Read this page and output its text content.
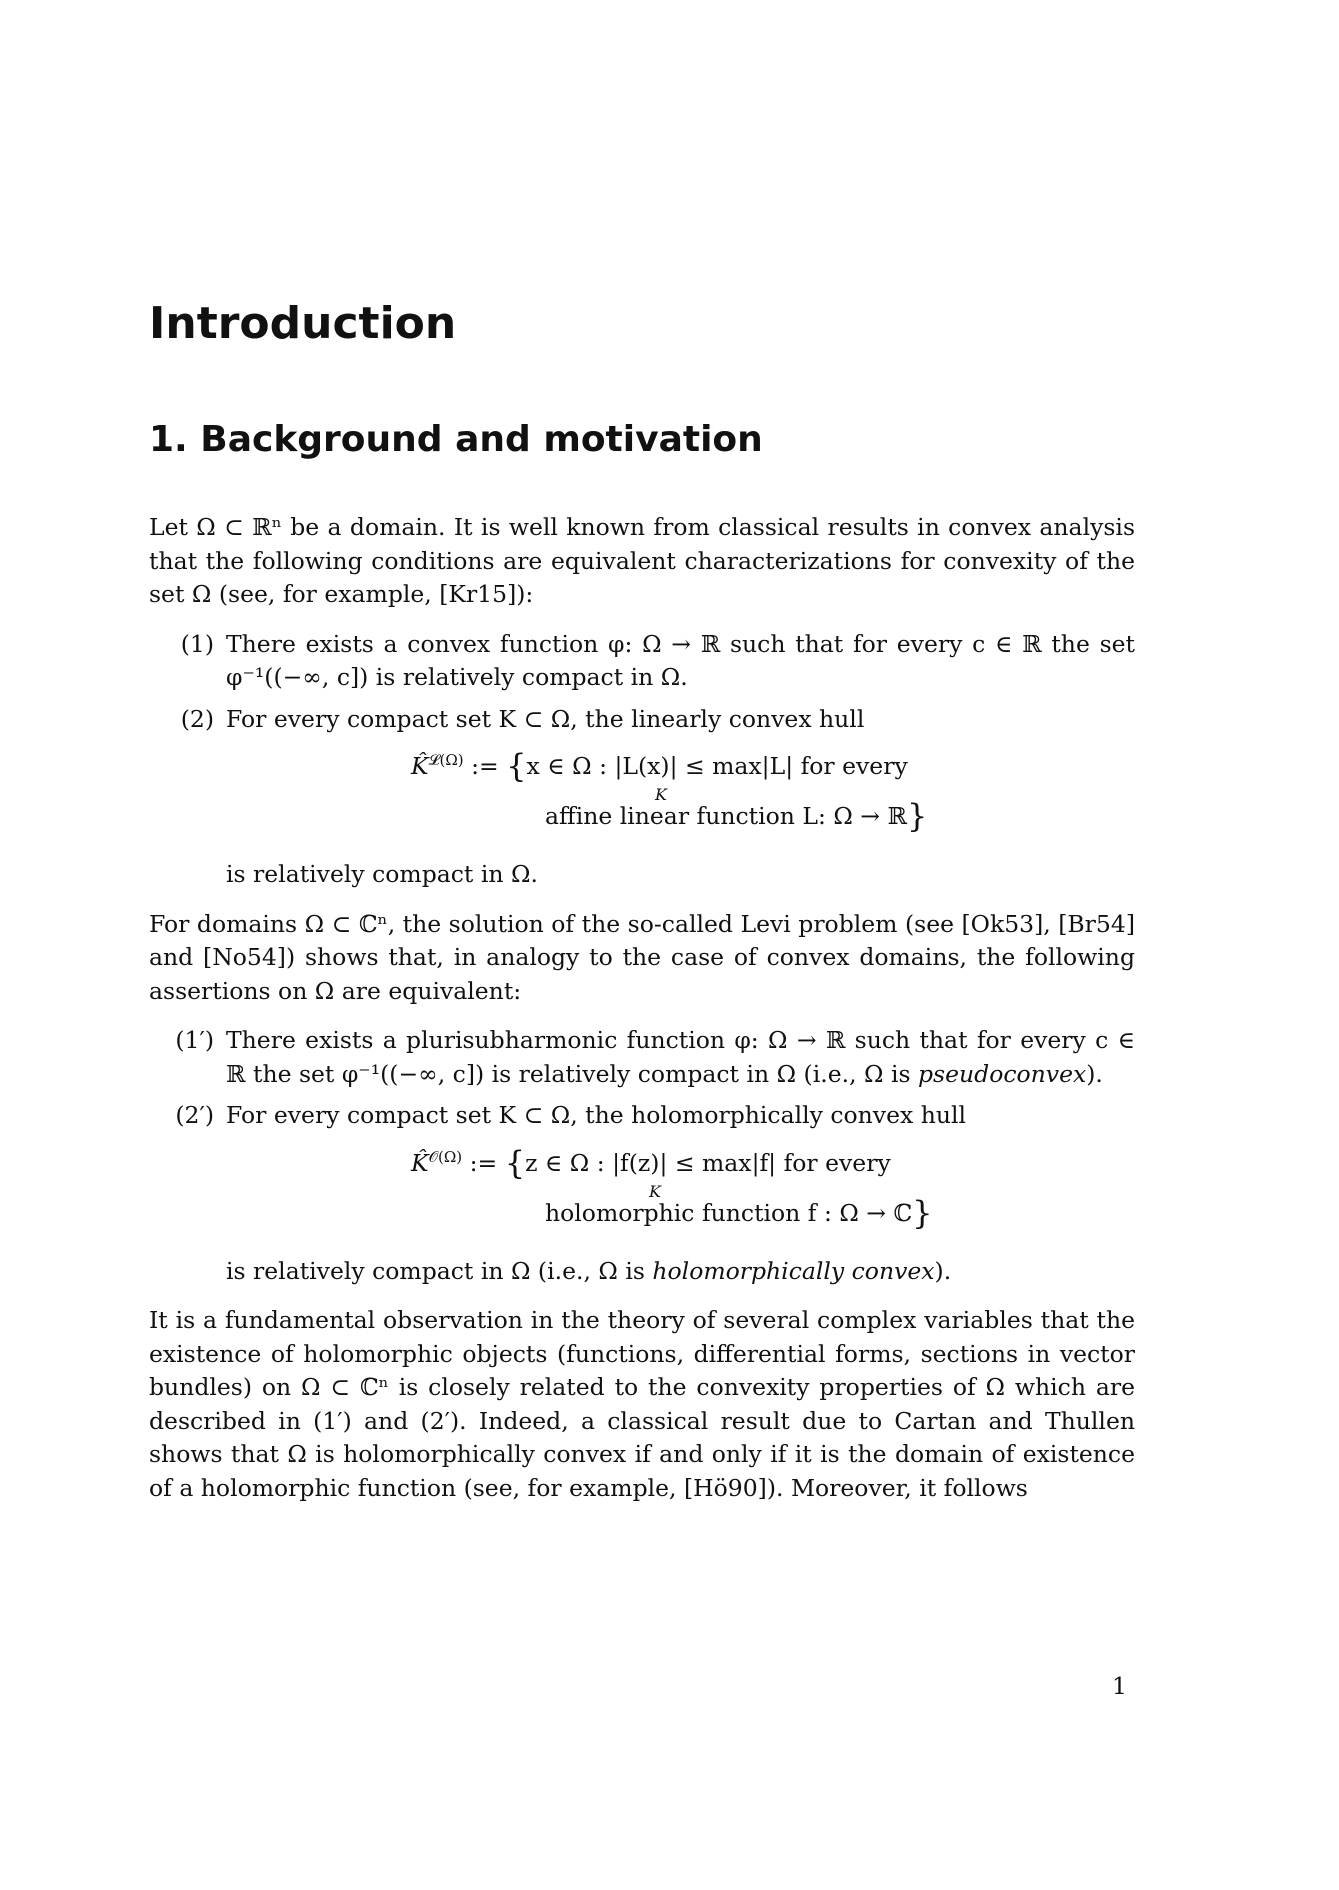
Introduction
1. Background and motivation

Let Ω ⊂ ℝⁿ be a domain. It is well known from classical results in convex analysis that the following conditions are equivalent characterizations for convexity of the set Ω (see, for example, [Kr15]):

(1) There exists a convex function φ: Ω → ℝ such that for every c ∈ ℝ the set φ⁻¹((−∞, c]) is relatively compact in Ω.
(2) For every compact set K ⊂ Ω, the linearly convex hull
K̂$^{𝓛(\Omega)}$ := {x ∈ Ω : |L(x)| ≤ max|L| for every
K
affine linear function L: Ω → ℝ}
is relatively compact in Ω.

For domains Ω ⊂ ℂⁿ, the solution of the so-called Levi problem (see [Ok53], [Br54] and [No54]) shows that, in analogy to the case of convex domains, the following assertions on Ω are equivalent:

(1′) There exists a plurisubharmonic function φ: Ω → ℝ such that for every c ∈ ℝ the set φ⁻¹((−∞, c]) is relatively compact in Ω (i.e., Ω is pseudoconvex).
(2′) For every compact set K ⊂ Ω, the holomorphically convex hull
K̂$^{𝒪(\Omega)}$ := {z ∈ Ω : |f(z)| ≤ max|f| for every
K
holomorphic function f : Ω → ℂ}
is relatively compact in Ω (i.e., Ω is holomorphically convex).

It is a fundamental observation in the theory of several complex variables that the existence of holomorphic objects (functions, differential forms, sections in vector bundles) on Ω ⊂ ℂⁿ is closely related to the convexity properties of Ω which are described in (1′) and (2′). Indeed, a classical result due to Cartan and Thullen shows that Ω is holomorphically convex if and only if it is the domain of existence of a holomorphic function (see, for example, [Hö90]). Moreover, it follows

1
